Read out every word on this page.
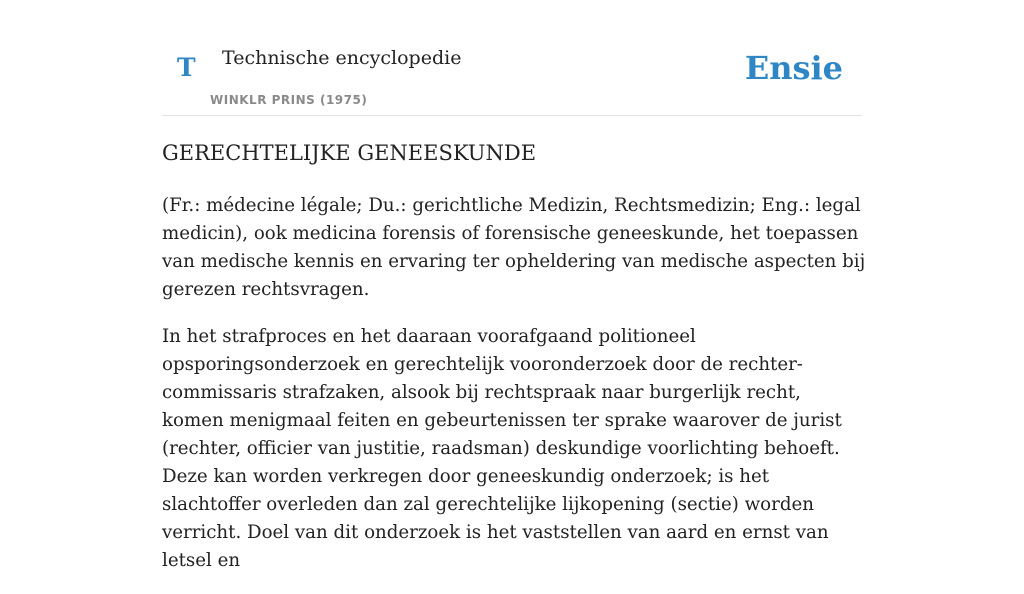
T Technische encyclopedie
WINKLR PRINS (1975)
Ensie
GERECHTELIJKE GENEESKUNDE

(Fr.: médecine légale; Du.: gerichtliche Medizin, Rechtsmedizin; Eng.: legal medicin), ook medicina forensis of forensische geneeskunde, het toepassen van medische kennis en ervaring ter opheldering van medische aspecten bij gerezen rechtsvragen.

In het strafproces en het daaraan voorafgaand politioneel opsporingsonderzoek en gerechtelijk vooronderzoek door de rechter-commissaris strafzaken, alsook bij rechtspraak naar burgerlijk recht, komen menigmaal feiten en gebeurtenissen ter sprake waarover de jurist (rechter, officier van justitie, raadsman) deskundige voorlichting behoeft. Deze kan worden verkregen door geneeskundig onderzoek; is het slachtoffer overleden dan zal gerechtelijke lijkopening (sectie) worden verricht. Doel van dit onderzoek is het vaststellen van aard en ernst van letsel en
